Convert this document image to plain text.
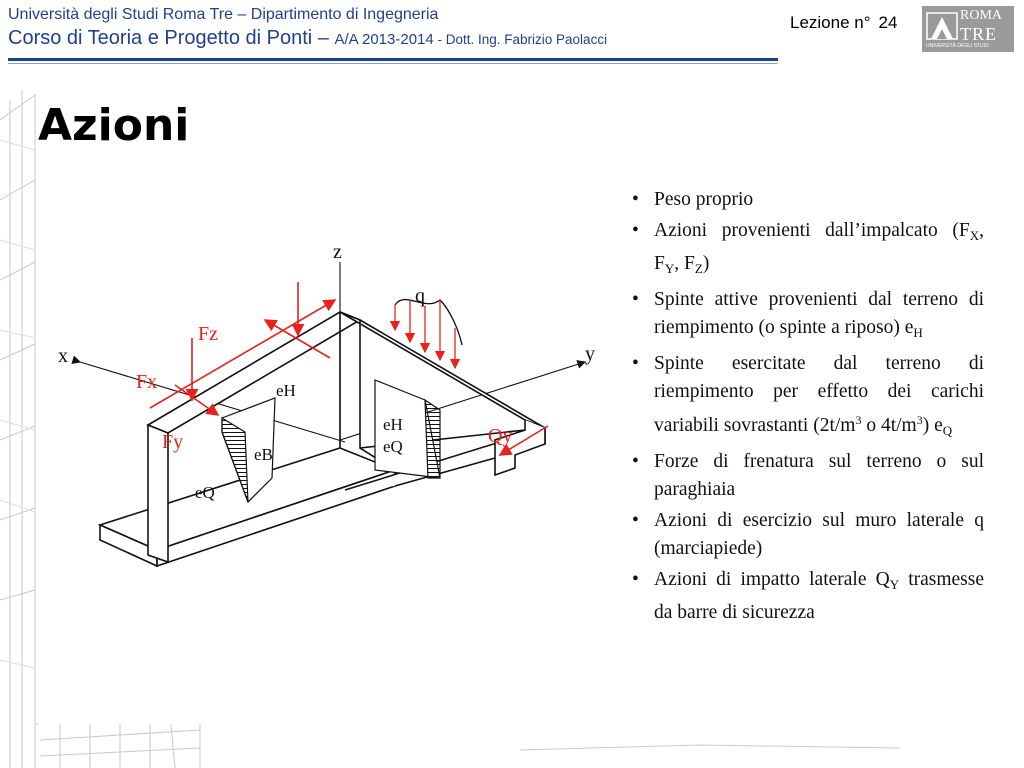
Università degli Studi Roma Tre – Dipartimento di Ingegneria
Corso di Teoria e Progetto di Ponti – A/A 2013-2014 - Dott. Ing. Fabrizio Paolacci
Lezione n° 24	ROMA
TRE
UNIVERSITÀ DEGLI STUDI
Azioni
z
x	y
q
Fz
Fx
Fy	Qy
eH
eB
eQ
eH
eQ
• Peso proprio
• Azioni provenienti dall’impalcato ($F_X$, $F_Y$, $F_Z$)
• Spinte attive provenienti dal terreno di riempimento (o spinte a riposo) $e_H$
• Spinte esercitate dal terreno di riempimento per effetto dei carichi variabili sovrastanti ($2t/m^3$ o $4t/m^3$) $e_Q$
• Forze di frenatura sul terreno o sul paraghiaia
• Azioni di esercizio sul muro laterale q (marciapiede)
• Azioni di impatto laterale $Q_Y$ trasmesse da barre di sicurezza
